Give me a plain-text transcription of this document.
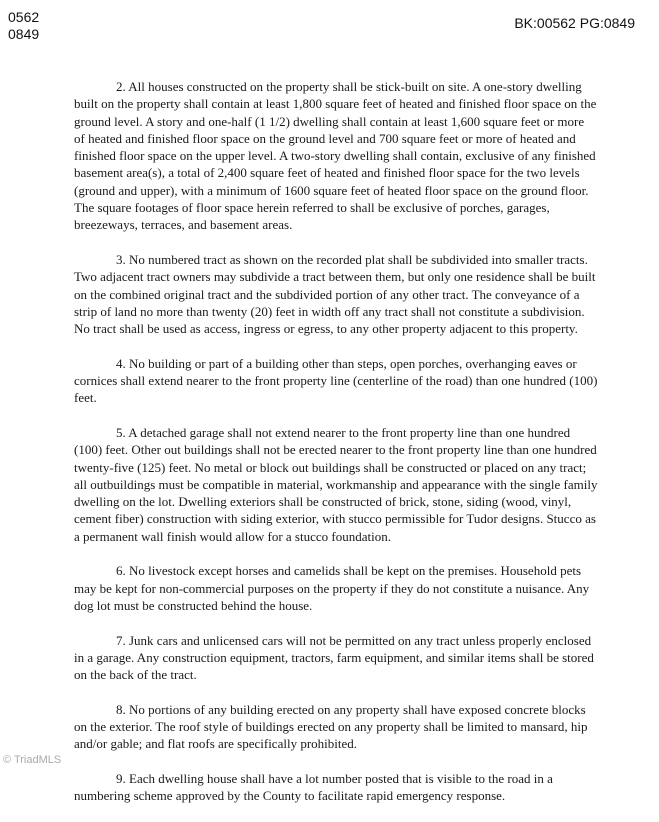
0562
0849
BK:00562 PG:0849

2. All houses constructed on the property shall be stick-built on site. A one-story dwelling built on the property shall contain at least 1,800 square feet of heated and finished floor space on the ground level. A story and one-half (1 1/2) dwelling shall contain at least 1,600 square feet or more of heated and finished floor space on the ground level and 700 square feet or more of heated and finished floor space on the upper level. A two-story dwelling shall contain, exclusive of any finished basement area(s), a total of 2,400 square feet of heated and finished floor space for the two levels (ground and upper), with a minimum of 1600 square feet of heated floor space on the ground floor. The square footages of floor space herein referred to shall be exclusive of porches, garages, breezeways, terraces, and basement areas.

3. No numbered tract as shown on the recorded plat shall be subdivided into smaller tracts. Two adjacent tract owners may subdivide a tract between them, but only one residence shall be built on the combined original tract and the subdivided portion of any other tract. The conveyance of a strip of land no more than twenty (20) feet in width off any tract shall not constitute a subdivision. No tract shall be used as access, ingress or egress, to any other property adjacent to this property.

4. No building or part of a building other than steps, open porches, overhanging eaves or cornices shall extend nearer to the front property line (centerline of the road) than one hundred (100) feet.

5. A detached garage shall not extend nearer to the front property line than one hundred (100) feet. Other out buildings shall not be erected nearer to the front property line than one hundred twenty-five (125) feet. No metal or block out buildings shall be constructed or placed on any tract; all outbuildings must be compatible in material, workmanship and appearance with the single family dwelling on the lot. Dwelling exteriors shall be constructed of brick, stone, siding (wood, vinyl, cement fiber) construction with siding exterior, with stucco permissible for Tudor designs. Stucco as a permanent wall finish would allow for a stucco foundation.

6. No livestock except horses and camelids shall be kept on the premises. Household pets may be kept for non-commercial purposes on the property if they do not constitute a nuisance. Any dog lot must be constructed behind the house.

7. Junk cars and unlicensed cars will not be permitted on any tract unless properly enclosed in a garage. Any construction equipment, tractors, farm equipment, and similar items shall be stored on the back of the tract.

8. No portions of any building erected on any property shall have exposed concrete blocks on the exterior. The roof style of buildings erected on any property shall be limited to mansard, hip and/or gable; and flat roofs are specifically prohibited.

9. Each dwelling house shall have a lot number posted that is visible to the road in a numbering scheme approved by the County to facilitate rapid emergency response.

© TriadMLS
